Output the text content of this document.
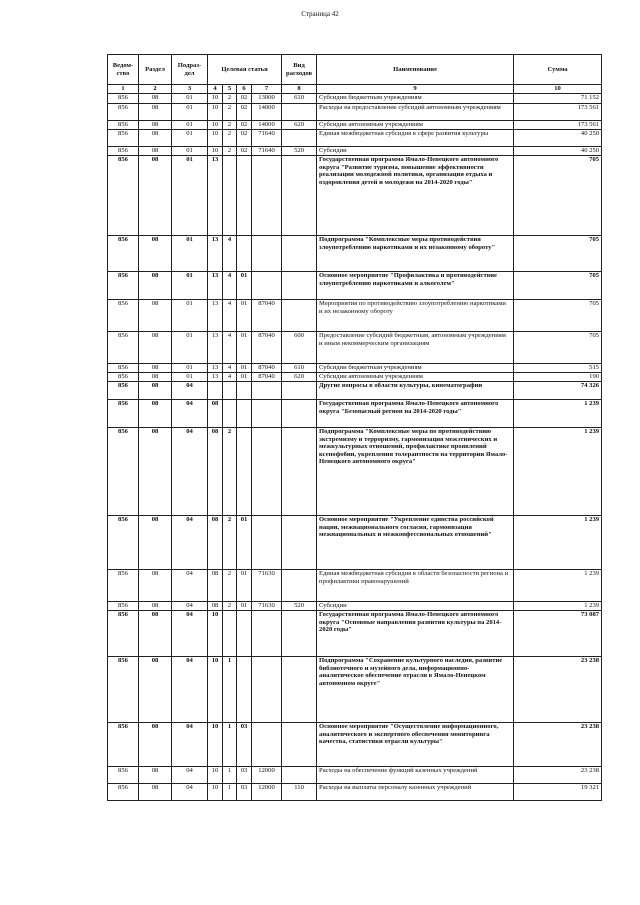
Страница 42
Ведом-ство	Раздел	Подраз-дел	Целевая статья				Вид расходов	Наименование	Сумма
1	2	3	4	5	6	7	8	9	10
856	08	01	10	2	02	13000	610	Субсидии бюджетным учреждениям	71 152
856	08	01	10	2	02	14000		Расходы на предоставление субсидий автономным учреждениям	173 561
856	08	01	10	2	02	14000	620	Субсидии автономным учреждениям	173 561
856	08	01	10	2	02	71640		Единая межбюджетная субсидия в сфере развития культуры	40 250
856	08	01	10	2	02	71640	520	Субсидии	40 250
856	08	01	13					Государственная программа Ямало-Ненецкого автономного округа "Развитие туризма, повышение эффективности реализации молодежной политики, организация отдыха и оздоровления детей и молодежи на 2014-2020 годы"	705
856	08	01	13	4				Подпрограмма "Комплексные меры противодействия злоупотреблению наркотиками и их незаконному обороту"	705
856	08	01	13	4	01			Основное мероприятие "Профилактика и противодействие злоупотреблению наркотиками и алкоголем"	705
856	08	01	13	4	01	87040		Мероприятия по противодействию злоупотреблению наркотиками и их незаконному обороту	705
856	08	01	13	4	01	87040	600	Предоставление субсидий бюджетным, автономным учреждениям и иным некоммерческим организациям	705
856	08	01	13	4	01	87040	610	Субсидии бюджетным учреждениям	515
856	08	01	13	4	01	87040	620	Субсидии автономным учреждениям	190
856	08	04						Другие вопросы в области культуры, кинематографии	74 326
856	08	04	08					Государственная программа Ямало-Ненецкого автономного округа "Безопасный регион на 2014-2020 годы"	1 239
856	08	04	08	2				Подпрограмма "Комплексные меры по противодействию экстремизму и терроризму, гармонизация межэтнических и межкультурных отношений, профилактике проявлений ксенофобии, укрепления толерантности на территории Ямало-Ненецкого автономного округа"	1 239
856	08	04	08	2	01			Основное мероприятие "Укрепление единства российской нации, межнационального согласия, гармонизация межнациональных и межконфессиональных отношений"	1 239
856	08	04	08	2	01	71630		Единая межбюджетная субсидия в области безопасности региона и профилактики правонарушений	1 239
856	08	04	08	2	01	71630	520	Субсидии	1 239
856	08	04	10					Государственная программа Ямало-Ненецкого автономного округа "Основные направления развития культуры на 2014-2020 годы"	73 087
856	08	04	10	1				Подпрограмма "Сохранение культурного наследия, развитие библиотечного и музейного дела, информационно-аналитическое обеспечение отрасли в Ямало-Ненецком автономном округе"	23 238
856	08	04	10	1	03			Основное мероприятие "Осуществление информационного, аналитического и экспертного обеспечения мониторинга качества, статистики отрасли культуры"	23 238
856	08	04	10	1	03	12000		Расходы на обеспечение функций казенных учреждений	23 238
856	08	04	10	1	03	12000	110	Расходы на выплаты персоналу казенных учреждений	19 321
